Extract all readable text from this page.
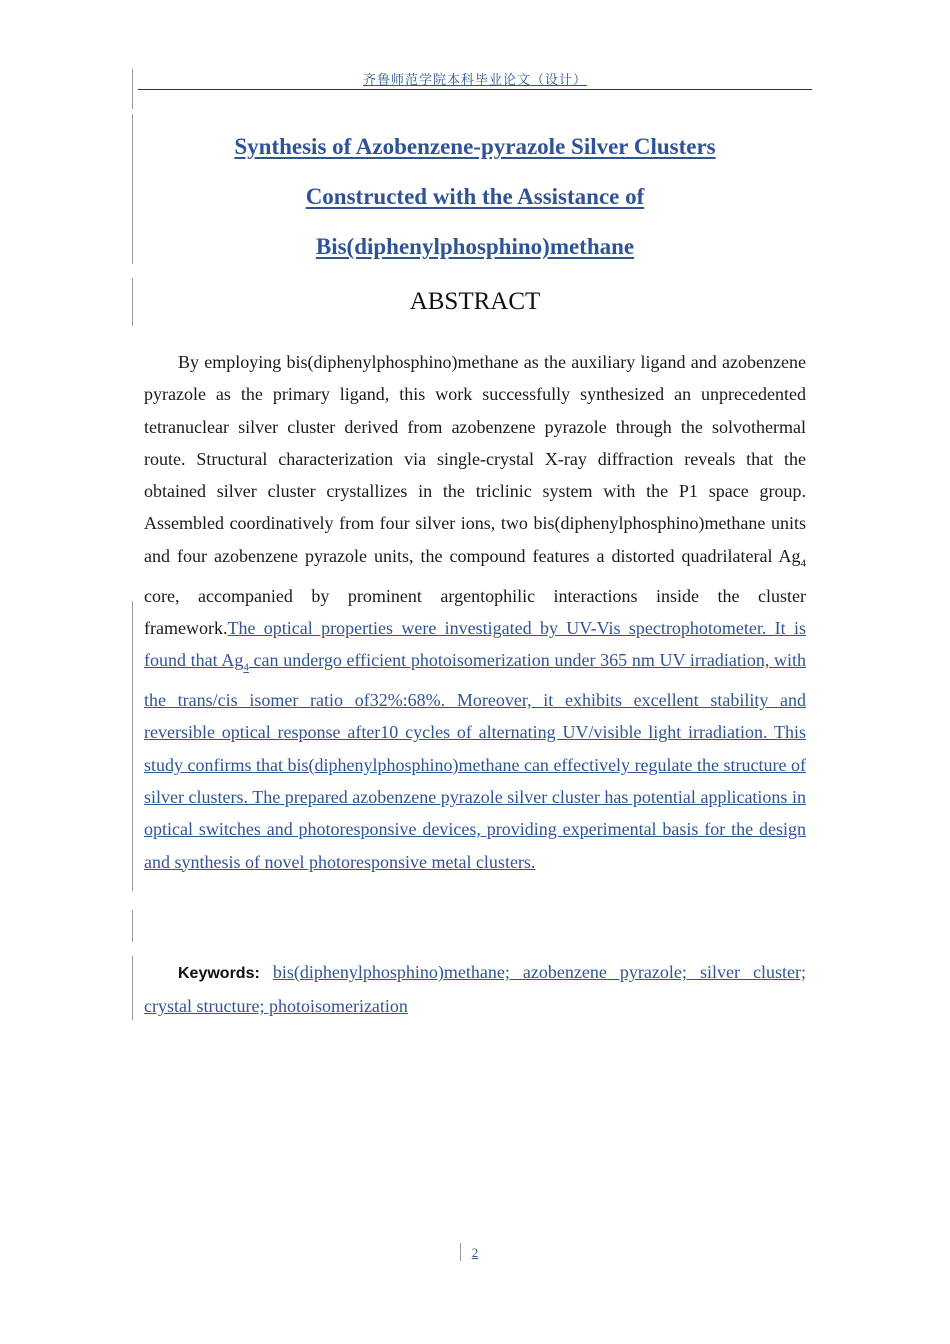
齐鲁师范学院本科毕业论文（设计）
Synthesis of Azobenzene-pyrazole Silver Clusters
Constructed with the Assistance of
Bis(diphenylphosphino)methane
ABSTRACT

By employing bis(diphenylphosphino)methane as the auxiliary ligand and azobenzene pyrazole as the primary ligand, this work successfully synthesized an unprecedented tetranuclear silver cluster derived from azobenzene pyrazole through the solvothermal route. Structural characterization via single-crystal X-ray diffraction reveals that the obtained silver cluster crystallizes in the triclinic system with the P1 space group. Assembled coordinatively from four silver ions, two bis(diphenylphosphino)methane units and four azobenzene pyrazole units, the compound features a distorted quadrilateral $Ag_4$ core, accompanied by prominent argentophilic interactions inside the cluster framework.The optical properties were investigated by UV-Vis spectrophotometer. It is found that $Ag_4$ can undergo efficient photoisomerization under 365 nm UV irradiation, with the trans/cis isomer ratio of32%:68%. Moreover, it exhibits excellent stability and reversible optical response after10 cycles of alternating UV/visible light irradiation. This study confirms that bis(diphenylphosphino)methane can effectively regulate the structure of silver clusters. The prepared azobenzene pyrazole silver cluster has potential applications in optical switches and photoresponsive devices, providing experimental basis for the design and synthesis of novel photoresponsive metal clusters.

Keywords: bis(diphenylphosphino)methane; azobenzene pyrazole; silver cluster; crystal structure; photoisomerization

2
